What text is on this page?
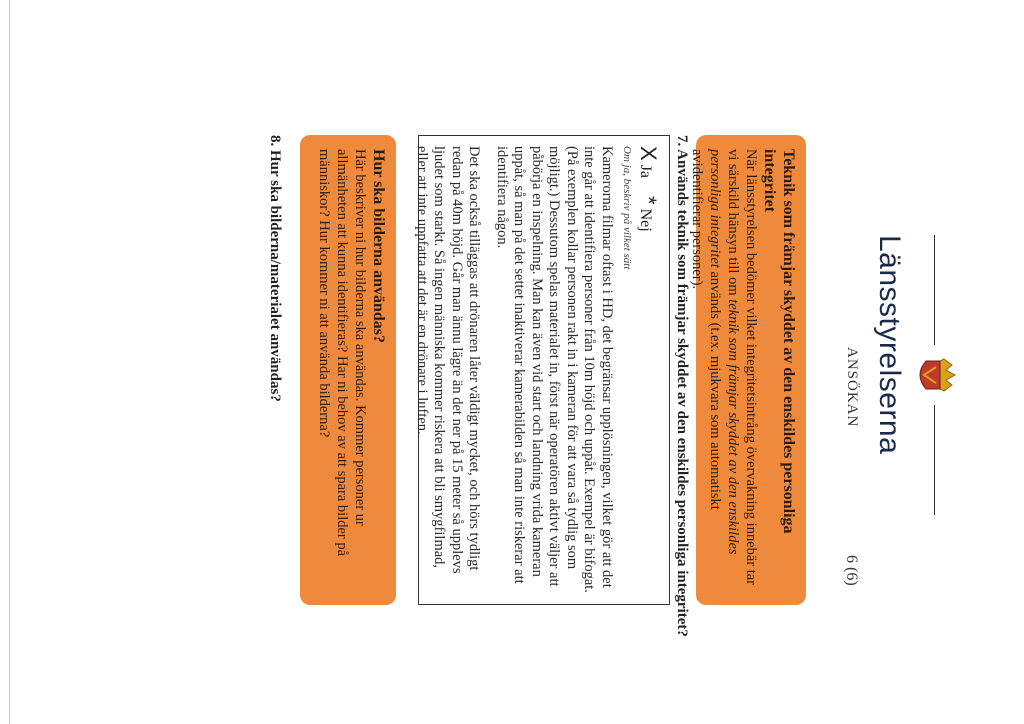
Länsstyrelserna
ANSÖKAN
6 (6)
Teknik som främjar skyddet av den enskildes personliga integritet
När länsstyrelsen bedömer vilket integritetsintrång övervakning innebär tar vi särskild hänsyn till om teknik som främjar skyddet av den enskildes personliga integritet används (t.ex. mjukvara som automatiskt avidentifierar personer).
7. Används teknik som främjar skyddet av den enskildes personliga integritet?
X Ja
* Nej
Om ja, beskriv på vilket sätt

Kamerorna filmar oftast i HD, det begränsar upplösningen, vilket gör att det inte går att identifiera personer från 10m höjd och uppåt. Exempel är bifogat. (På exemplen kollar personen rakt in i kameran för att vara så tydlig som möjligt.) Dessutom spelas materialet in, först när operatören aktivt väljer att påbörja en inspelning. Man kan även vid start och landning vrida kameran uppåt, så man på det settet inaktiverar kamerabilden så man inte riskerar att identifiera någon.

Det ska också tilläggas att drönaren låter väldigt mycket, och hörs tydligt redan på 40m höjd. Går man ännu lägre än det ner på 15 meter så upplevs ljudet som starkt. Så ingen människa kommer riskera att bli smygfilmad, eller att inte uppfatta att det är en drönare i luften.

Hur ska bilderna användas?
Här beskriver ni hur bilderna ska användas. Kommer personer ur allmänheten att kunna identifieras? Har ni behov av att spara bilder på människor? Hur kommer ni att använda bilderna?
8. Hur ska bilderna/materialet användas?
